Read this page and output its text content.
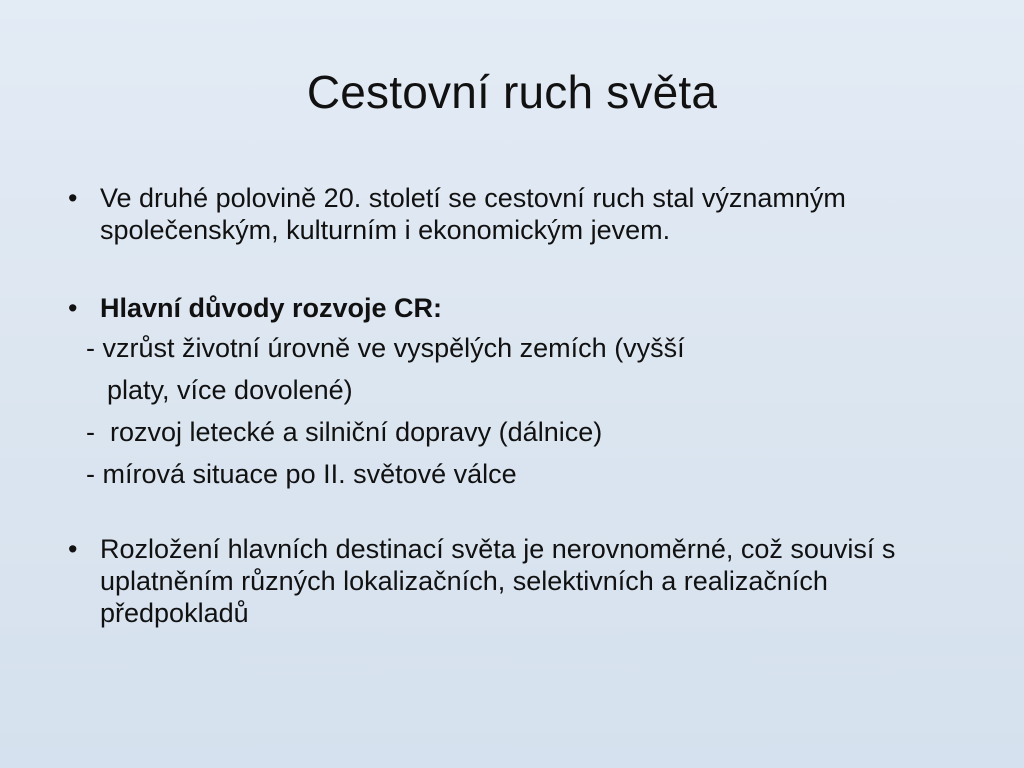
Cestovní ruch světa
• Ve druhé polovině 20. století se cestovní ruch stal významným společenským, kulturním i ekonomickým jevem.
• Hlavní důvody rozvoje CR:
- vzrůst životní úrovně ve vyspělých zemích (vyšší
platy, více dovolené)
-  rozvoj letecké a silniční dopravy (dálnice)
- mírová situace po II. světové válce
• Rozložení hlavních destinací světa je nerovnoměrné, což souvisí s uplatněním různých lokalizačních, selektivních a realizačních předpokladů
